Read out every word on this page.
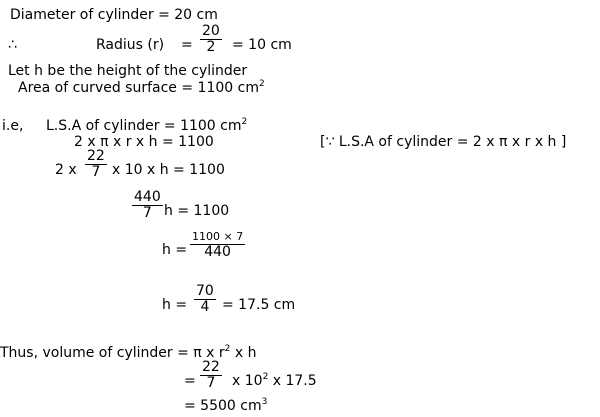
Diameter of cylinder = 20 cm
∴	Radius $(r) = \frac{20}{2} = 10$ cm
Let h be the height of the cylinder
Area of curved surface = 1100 $cm^2$
i.e, L.S.A of cylinder = 1100 $cm^2$
2 x π x r x h = 1100	[∵ L.S.A of cylinder = 2 x π x r x h ]
2 x $\frac{22}{7}$ x 10 x h = 1100
$\frac{440}{7}$ h = 1100
h =
1100 × 7
440
$h = \frac{70}{4} = 17.5$ cm
Thus, volume of cylinder = π x $r^2$ x h
= $\frac{22}{7}$ x $10^2$ x 17.5
= 5500 $cm^3$
